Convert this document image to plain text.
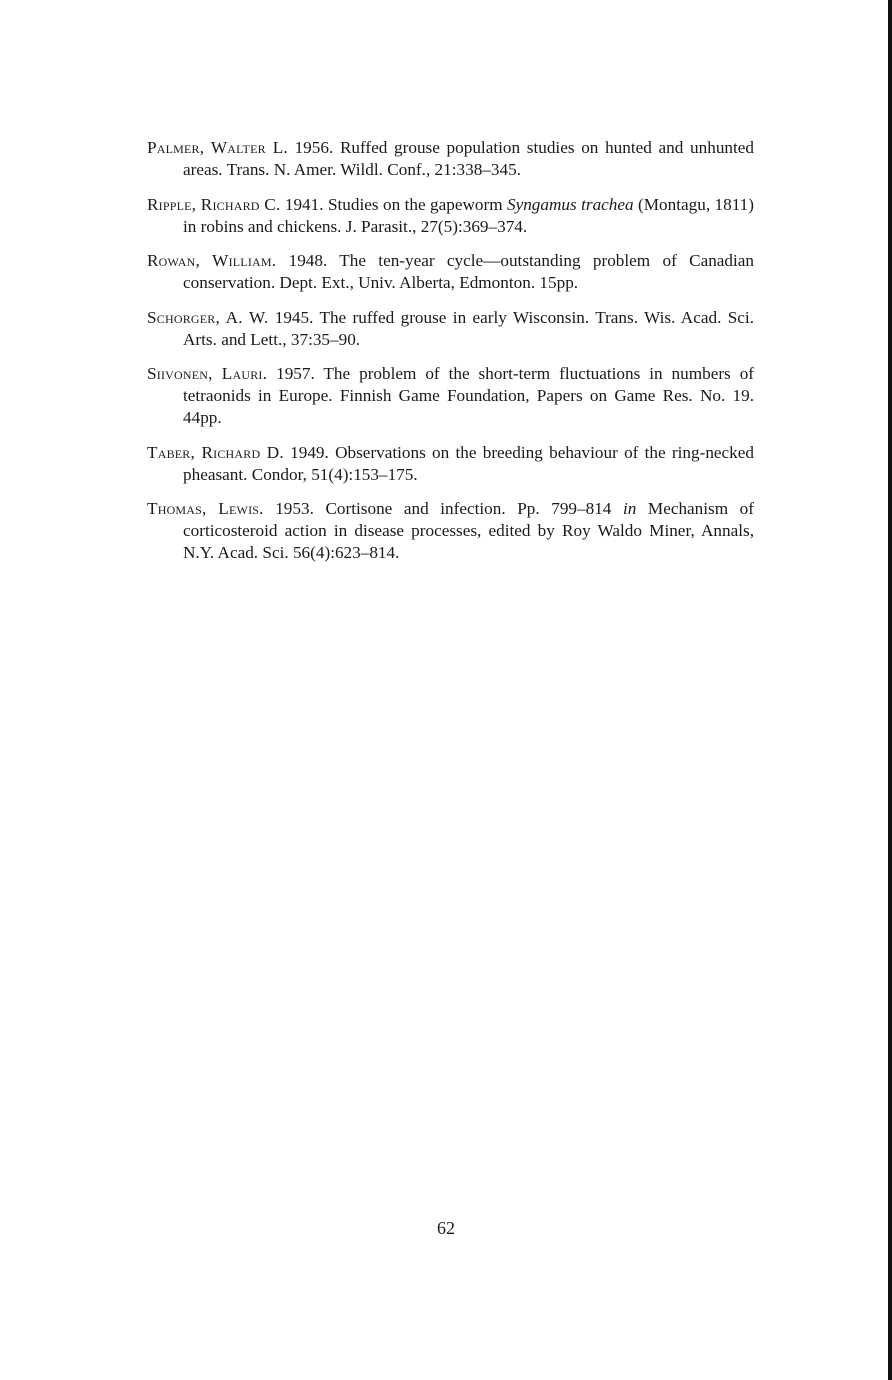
Palmer, Walter L. 1956. Ruffed grouse population studies on hunted and unhunted areas. Trans. N. Amer. Wildl. Conf., 21:338–345.

Ripple, Richard C. 1941. Studies on the gapeworm Syngamus trachea (Montagu, 1811) in robins and chickens. J. Parasit., 27(5):369–374.

Rowan, William. 1948. The ten-year cycle—outstanding problem of Canadian conservation. Dept. Ext., Univ. Alberta, Edmonton. 15pp.

Schorger, A. W. 1945. The ruffed grouse in early Wisconsin. Trans. Wis. Acad. Sci. Arts. and Lett., 37:35–90.

Siivonen, Lauri. 1957. The problem of the short-term fluctuations in numbers of tetraonids in Europe. Finnish Game Foundation, Papers on Game Res. No. 19. 44pp.

Taber, Richard D. 1949. Observations on the breeding behaviour of the ring-necked pheasant. Condor, 51(4):153–175.

Thomas, Lewis. 1953. Cortisone and infection. Pp. 799–814 in Mechanism of corticosteroid action in disease processes, edited by Roy Waldo Miner, Annals, N.Y. Acad. Sci. 56(4):623–814.

62
